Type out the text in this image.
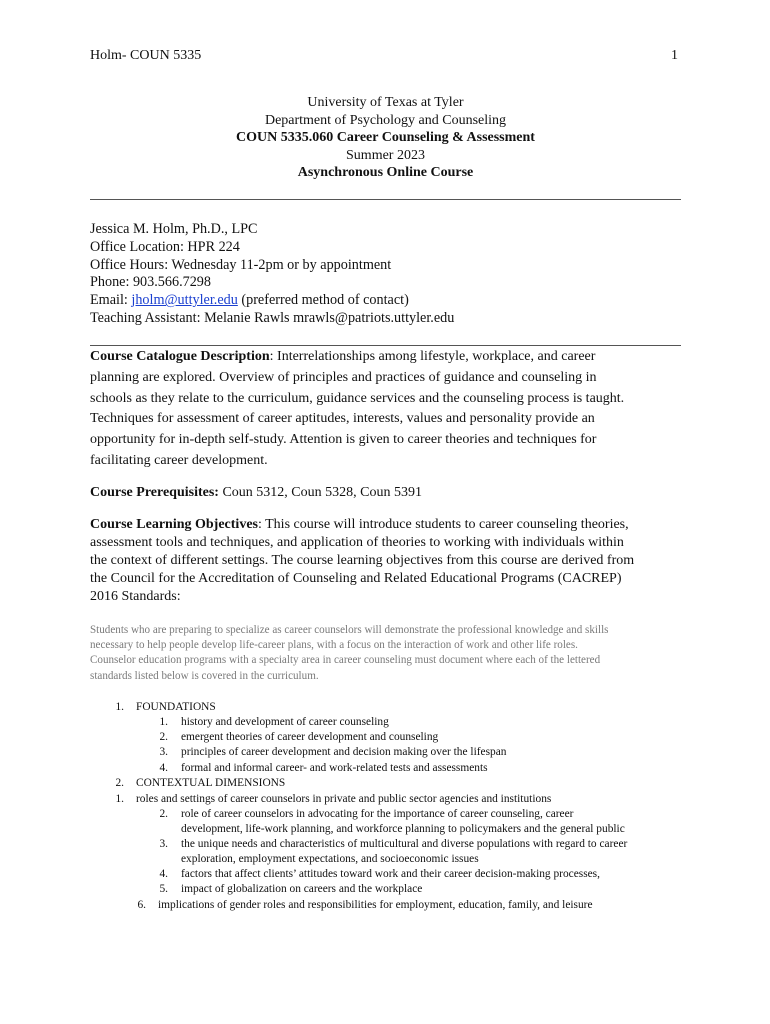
Holm- COUN 5335	1
University of Texas at Tyler
Department of Psychology and Counseling
COUN 5335.060 Career Counseling & Assessment
Summer 2023
Asynchronous Online Course
Jessica M. Holm, Ph.D., LPC
Office Location: HPR 224
Office Hours: Wednesday 11-2pm or by appointment
Phone: 903.566.7298
Email: jholm@uttyler.edu (preferred method of contact)
Teaching Assistant: Melanie Rawls mrawls@patriots.uttyler.edu
Course Catalogue Description: Interrelationships among lifestyle, workplace, and career
planning are explored. Overview of principles and practices of guidance and counseling in
schools as they relate to the curriculum, guidance services and the counseling process is taught.
Techniques for assessment of career aptitudes, interests, values and personality provide an
opportunity for in-depth self-study. Attention is given to career theories and techniques for
facilitating career development.
Course Prerequisites: Coun 5312, Coun 5328, Coun 5391
Course Learning Objectives: This course will introduce students to career counseling theories,
assessment tools and techniques, and application of theories to working with individuals within
the context of different settings. The course learning objectives from this course are derived from
the Council for the Accreditation of Counseling and Related Educational Programs (CACREP)
2016 Standards:
Students who are preparing to specialize as career counselors will demonstrate the professional knowledge and skills
necessary to help people develop life-career plans, with a focus on the interaction of work and other life roles.
Counselor education programs with a specialty area in career counseling must document where each of the lettered
standards listed below is covered in the curriculum.
1. FOUNDATIONS
1. history and development of career counseling
2. emergent theories of career development and counseling
3. principles of career development and decision making over the lifespan
4. formal and informal career- and work-related tests and assessments
2. CONTEXTUAL DIMENSIONS
1. roles and settings of career counselors in private and public sector agencies and institutions
2. role of career counselors in advocating for the importance of career counseling, career
development, life-work planning, and workforce planning to policymakers and the general public
3. the unique needs and characteristics of multicultural and diverse populations with regard to career
exploration, employment expectations, and socioeconomic issues
4. factors that affect clients’ attitudes toward work and their career decision-making processes,
5. impact of globalization on careers and the workplace
6. implications of gender roles and responsibilities for employment, education, family, and leisure
